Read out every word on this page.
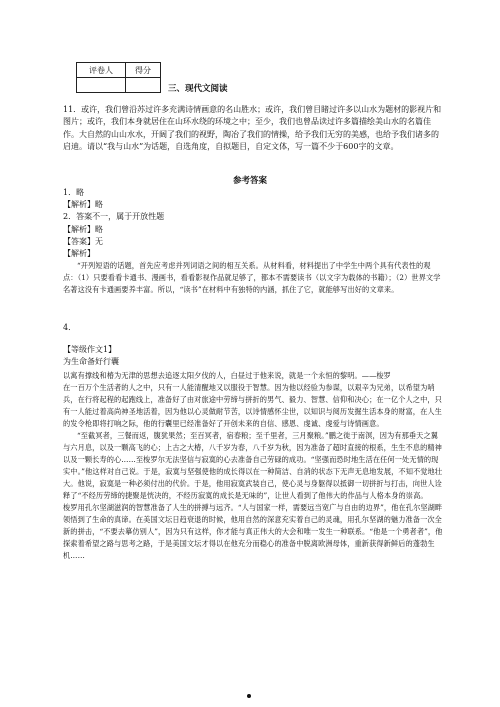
评卷人	得分

三、现代文阅读

11．或许，我们曾沿苏过许多充满诗情画意的名山胜水；或许，我们曾目睹过许多以山水为题材的影视片和图片；或许，我们本身就居住在山环水绕的环境之中；至少，我们也曾品读过许多篇描绘美山水的名篇佳作。大自然的山山水水，开阔了我们的视野，陶冶了我们的情操，给予我们无穷的美感，也给予我们诸多的启迪。请以“我与山水”为话题，自选角度，自拟题目，自定文体，写一篇不少于600字的文章。

参考答案

1．略

【解析】略

2．答案不一，属于开放性题

【解析】略

【答案】无

【解析】

“开列短语的话题，首先应考虑并列词语之间的相互关系。从材料看，材料提出了中学生中两个具有代表性的观点：（1）只要看看卡通书、漫画书，看看影视作品就足够了，都本不需要读书（以文字为载体的书籍）；（2）世界文学名著这没有卡通画要养丰富。所以，“读书”在材料中有独特的内涵，抓住了它，就能够写出好的文章来。

4．

【等级作文1】

为生命备好行囊

以寓有撑线和椿为无津的思想去追逐太阳夕伐的人，白昼过于他来说，就是一个永恒的黎明。——梭罗

在一百万个生活者的人之中，只有一人能清醒地又以服役于智慧。因为他以经验为参谋，以艰辛为兄弟，以希望为哨兵，在行将起程的起跑线上，准备好了由对旅途中劳缔与拼折的男气、毅力、智慧、信仰和决心；在一亿个人之中，只有一人能过着高尚神圣地活着，因为他以心灵做耐节苦，以诗情感怀尘世，以知识与阅历发掘生活本身的财富，在人生的发令枪即将打响之际，他的行囊里已经准备好了开创未来的自信、感恩、虔诚、虔爱与诗情画意。

“至截冥者，三餐而返，腹犹果然；至百冥者，宿春粮；至千里者，三月聚粮。”鹏之徙于南溟，因为有那垂天之翼与六月息，以及一颗高飞的心；上古之大椿，八千岁为春，八千岁为秋，因为准备了超时直接的根系，生生不息的精神以及一颗长寿的心……至梭罗尔无法坚信与寂寞的心去准备自己劳碌的成功。“坚强而恐时地生活在任何一处无情的现实中。”他这样对自己说。于是，寂寞与坚强使他的成长得以在一种简洁、自消的状态下无声无息地发展，不知不觉地壮大。他说，寂寞是一种必须付出的代价。于是，他用寂寞武装自己，使心灵与身躯得以抵御一切拼折与打击，向世人诠释了“不经历劳缔的捷聚是恍决的，不经历寂寞的成长是无味的”，让世人看到了他伟大的作品与人格本身的崇高。

梭罗用孔尔坚湖滋润的智慧准备了人生的拼搏与远齐。“人与国家一样，需要远当宽广与自由的边界”，他在孔尔坚湖畔领悟到了生命的真谛。在美国文坛日趋衰退的时候，他用自然的深意充实着自己的灵魂，用孔尔坚湖的魅力准备一次全新的拼击，“不要去摹仿别人”，因为只有这样，你才能与真正伟大的大会和唯一发生一种联系。“他是一个勇者者”，他探索着希望之路与思考之路，于是美国文坛才得以在他充分而稳心的准备中脱离欧洲母体，重新获得新鲜后的蓬勃生机……
